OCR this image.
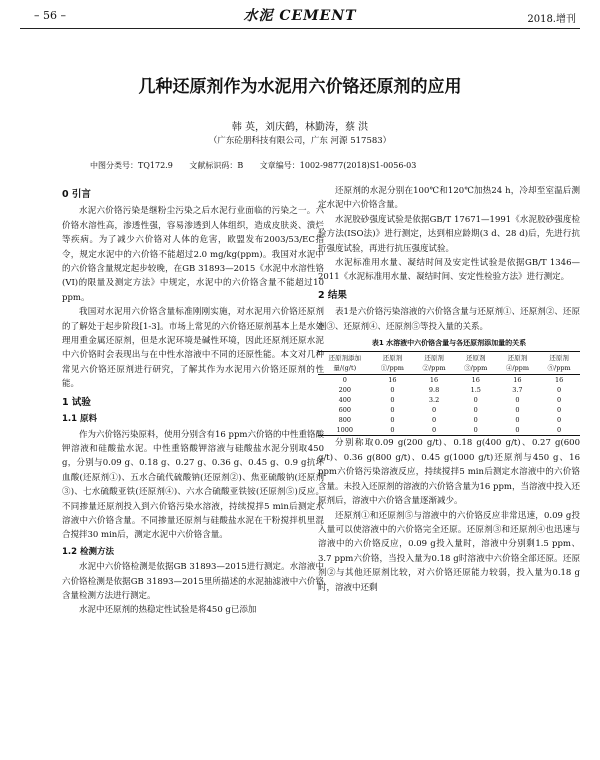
– 56 –	水泥 CEMENT	2018.增刊
几种还原剂作为水泥用六价铬还原剂的应用
韩 英，刘庆鹤，林勤涛，蔡 洪
（广东砼朋科技有限公司，广东 河源 517583）
中图分类号：TQ172.9 文献标识码：B 文章编号：1002-9877(2018)S1-0056-03
0 引言

水泥六价铬污染是继粉尘污染之后水泥行业面临的污染之一。六价铬水溶性高，渗透性强，容易渗透到人体组织，造成皮肤炎、溃烂等疾病。为了减少六价铬对人体的危害，欧盟发布2003/53/EC指令，规定水泥中的六价铬不能超过2.0 mg/kg(ppm)。我国对水泥中的六价铬含量规定起步较晚，在GB 31893—2015《水泥中水溶性铬(VI)的限量及测定方法》中规定，水泥中的六价铬含量不能超过10 ppm。

我国对水泥用六价铬含量标准刚刚实施，对水泥用六价铬还原剂的了解处于起步阶段[1-3]。市场上常见的六价铬还原剂基本上是水处理用重金属还原剂，但是水泥环境是碱性环境，因此还原剂还原水泥中六价铬时会表现出与在中性水溶液中不同的还原性能。本文对几种常见六价铬还原剂进行研究，了解其作为水泥用六价铬还原剂的性能。

1 试验
1.1 原料

作为六价铬污染原料，使用分别含有16 ppm六价铬的中性重铬酸钾溶液和硅酸盐水泥。中性重铬酸钾溶液与硅酸盐水泥分别取450 g，分别与0.09 g、0.18 g、0.27 g、0.36 g、0.45 g、0.9 g抗坏血酸(还原剂①)、五水合硫代硫酸钠(还原剂②)、焦亚硫酸钠(还原剂③)、七水硫酸亚铁(还原剂④)、六水合硫酸亚铁铵(还原剂⑤)反应。不同掺量还原剂投入到六价铬污染水溶液，持续搅拌5 min后测定水溶液中六价铬含量。不同掺量还原剂与硅酸盐水泥在干粉搅拌机里混合搅拌30 min后，测定水泥中六价铬含量。

1.2 检测方法

水泥中六价铬检测是依据GB 31893—2015进行测定。水溶液中六价铬检测是依据GB 31893—2015里所描述的水泥抽滤液中六价铬含量检测方法进行测定。

水泥中还原剂的热稳定性试验是将450 g已添加

还原剂的水泥分别在100℃和120℃加热24 h，冷却至室温后测定水泥中六价铬含量。

水泥胶砂强度试验是依据GB/T 17671—1991《水泥胶砂强度检验方法(ISO法)》进行测定，达到相应龄期(3 d、28 d)后，先进行抗折强度试验，再进行抗压强度试验。

水泥标准用水量、凝结时间及安定性试验是依据GB/T 1346—2011《水泥标准用水量、凝结时间、安定性检验方法》进行测定。

2 结果

表1是六价铬污染溶液的六价铬含量与还原剂①、还原剂②、还原剂③、还原剂④、还原剂⑤等投入量的关系。

表1 水溶液中六价铬含量与各还原剂添加量的关系
还原剂添加量/(g/t)	还原剂①/ppm	还原剂②/ppm	还原剂③/ppm	还原剂④/ppm	还原剂⑤/ppm
0	16	16	16	16	16
200	0	9.8	1.5	3.7	0
400	0	3.2	0	0	0
600	0	0	0	0	0
800	0	0	0	0	0
1000	0	0	0	0	0

分别称取0.09 g(200 g/t)、0.18 g(400 g/t)、0.27 g(600 g/t)、0.36 g(800 g/t)、0.45 g(1000 g/t)还原剂与450 g、16 ppm六价铬污染溶液反应，持续搅拌5 min后测定水溶液中的六价铬含量。未投入还原剂的溶液的六价铬含量为16 ppm，当溶液中投入还原剂后，溶液中六价铬含量逐渐减少。

还原剂①和还原剂⑤与溶液中的六价铬反应非常迅速，0.09 g投入量可以使溶液中的六价铬完全还原。还原剂③和还原剂④也迅速与溶液中的六价铬反应，0.09 g投入量时，溶液中分别剩1.5 ppm、3.7 ppm六价铬，当投入量为0.18 g时溶液中六价铬全部还原。还原剂②与其他还原剂比较，对六价铬还原能力较弱，投入量为0.18 g时，溶液中还剩
